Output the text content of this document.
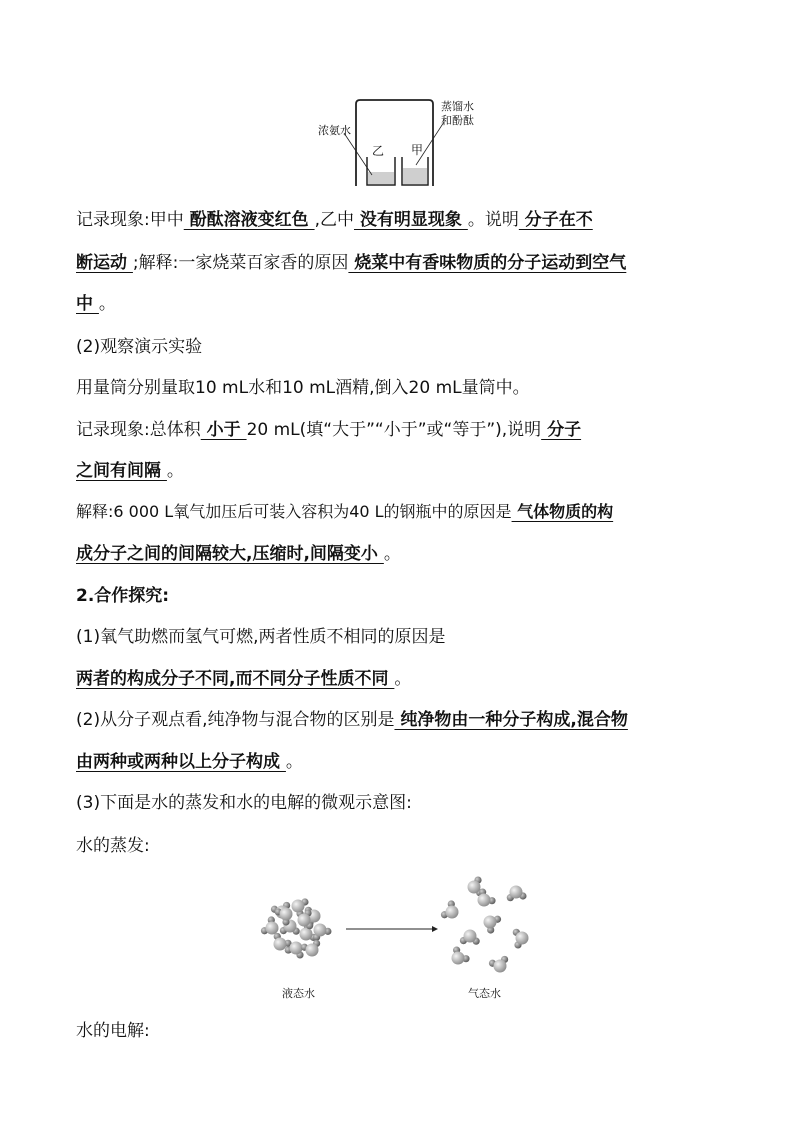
浓氨水
蒸馏水
和酚酞
乙 甲
记录现象:甲中 酚酞溶液变红色 ,乙中 没有明显现象 。说明 分子在不
断运动 ;解释:一家烧菜百家香的原因 烧菜中有香味物质的分子运动到空气
中 。
(2)观察演示实验
用量筒分别量取10 mL水和10 mL酒精,倒入20 mL量筒中。
记录现象:总体积 小于 20 mL(填“大于”“小于”或“等于”),说明 分子
之间有间隔 。
解释:6 000 L氧气加压后可装入容积为40 L的钢瓶中的原因是 气体物质的构
成分子之间的间隔较大,压缩时,间隔变小 。
2.合作探究:
(1)氧气助燃而氢气可燃,两者性质不相同的原因是
两者的构成分子不同,而不同分子性质不同 。
(2)从分子观点看,纯净物与混合物的区别是 纯净物由一种分子构成,混合物
由两种或两种以上分子构成 。
(3)下面是水的蒸发和水的电解的微观示意图:
水的蒸发:
液态水	气态水
水的电解:
